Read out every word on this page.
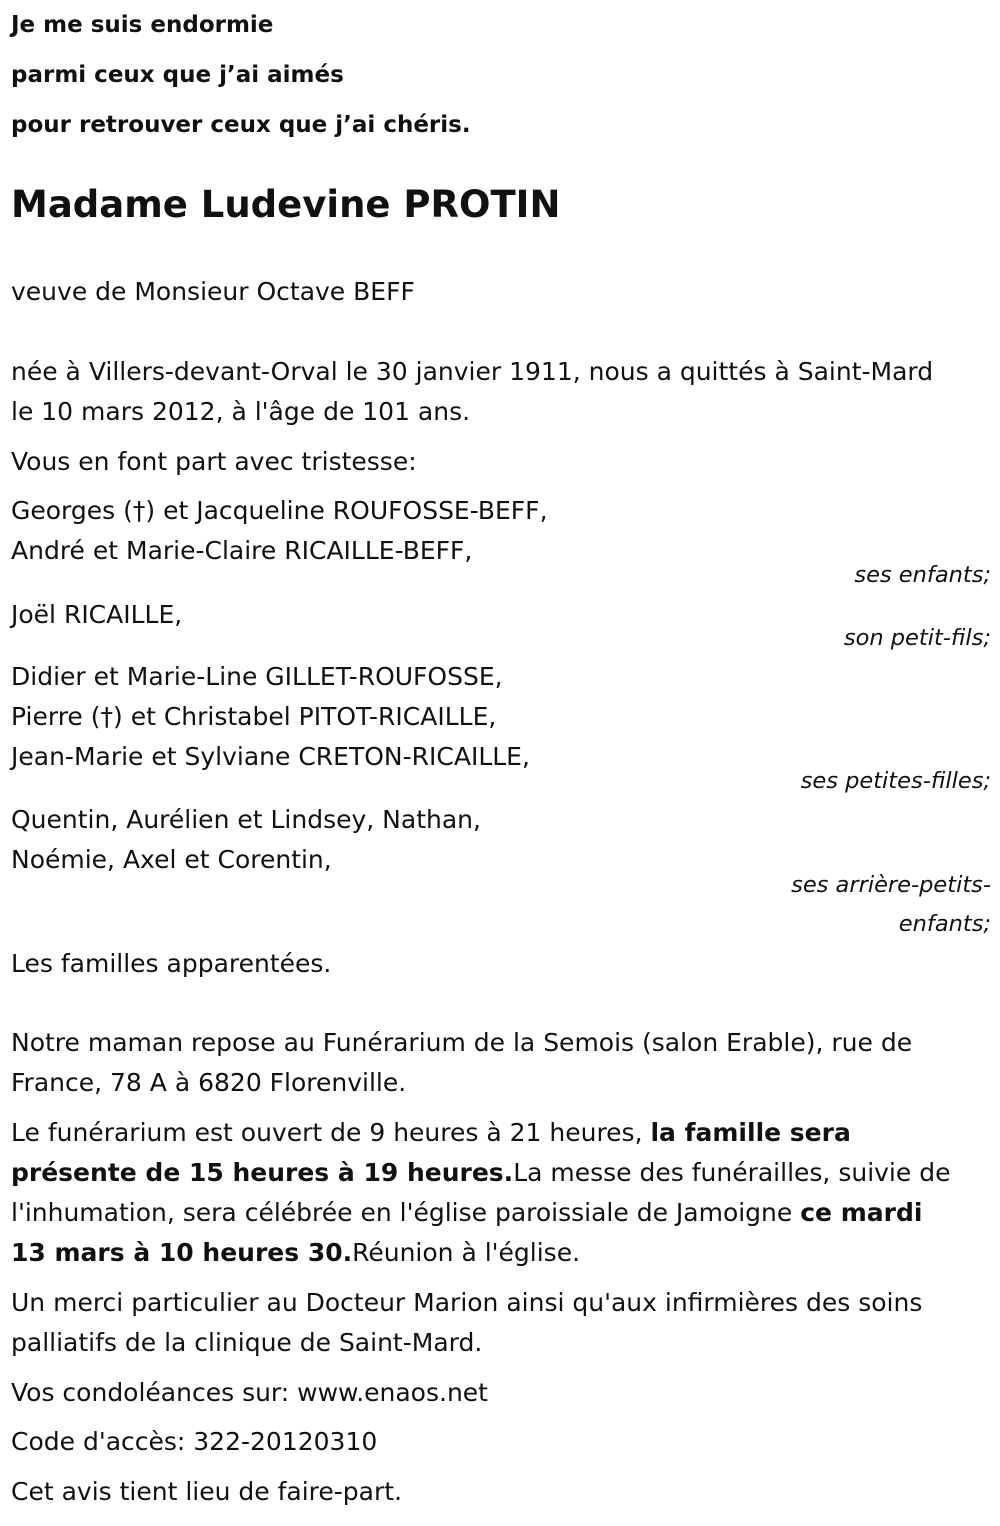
Je me suis endormie
parmi ceux que j’ai aimés
pour retrouver ceux que j’ai chéris.
Madame Ludevine PROTIN
veuve de Monsieur Octave BEFF
née à Villers-devant-Orval le 30 janvier 1911, nous a quittés à Saint-Mard
le 10 mars 2012, à l'âge de 101 ans.
Vous en font part avec tristesse:
Georges (†) et Jacqueline ROUFOSSE-BEFF,
André et Marie-Claire RICAILLE-BEFF,
ses enfants;
Joël RICAILLE,
son petit-fils;
Didier et Marie-Line GILLET-ROUFOSSE,
Pierre (†) et Christabel PITOT-RICAILLE,
Jean-Marie et Sylviane CRETON-RICAILLE,
ses petites-filles;
Quentin, Aurélien et Lindsey, Nathan,
Noémie, Axel et Corentin,
ses arrière-petits-
enfants;
Les familles apparentées.
Notre maman repose au Funérarium de la Semois (salon Erable), rue de
France, 78 A à 6820 Florenville.
Le funérarium est ouvert de 9 heures à 21 heures, la famille sera
présente de 15 heures à 19 heures.La messe des funérailles, suivie de
l'inhumation, sera célébrée en l'église paroissiale de Jamoigne ce mardi
13 mars à 10 heures 30.Réunion à l'église.
Un merci particulier au Docteur Marion ainsi qu'aux infirmières des soins
palliatifs de la clinique de Saint-Mard.
Vos condoléances sur: www.enaos.net
Code d'accès: 322-20120310
Cet avis tient lieu de faire-part.
